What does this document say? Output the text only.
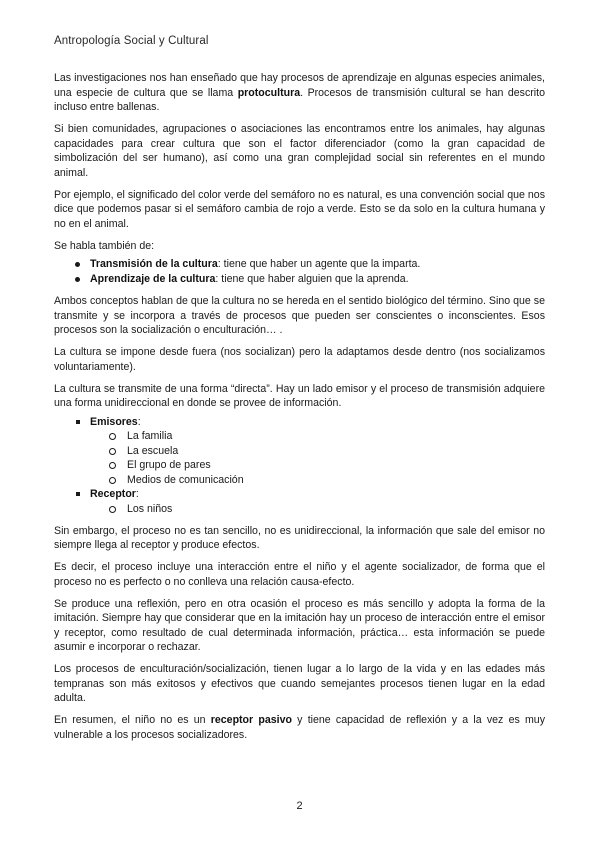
Antropología Social y Cultural

Las investigaciones nos han enseñado que hay procesos de aprendizaje en algunas especies animales, una especie de cultura que se llama protocultura. Procesos de transmisión cultural se han descrito incluso entre ballenas.

Si bien comunidades, agrupaciones o asociaciones las encontramos entre los animales, hay algunas capacidades para crear cultura que son el factor diferenciador (como la gran capacidad de simbolización del ser humano), así como una gran complejidad social sin referentes en el mundo animal.

Por ejemplo, el significado del color verde del semáforo no es natural, es una convención social que nos dice que podemos pasar si el semáforo cambia de rojo a verde. Esto se da solo en la cultura humana y no en el animal.

Se habla también de:

Transmisión de la cultura: tiene que haber un agente que la imparta.
Aprendizaje de la cultura: tiene que haber alguien que la aprenda.

Ambos conceptos hablan de que la cultura no se hereda en el sentido biológico del término. Sino que se transmite y se incorpora a través de procesos que pueden ser conscientes o inconscientes. Esos procesos son la socialización o enculturación… .

La cultura se impone desde fuera (nos socializan) pero la adaptamos desde dentro (nos socializamos voluntariamente).

La cultura se transmite de una forma “directa”. Hay un lado emisor y el proceso de transmisión adquiere una forma unidireccional en donde se provee de información.

Emisores:
La familia
La escuela
El grupo de pares
Medios de comunicación
Receptor:
Los niños

Sin embargo, el proceso no es tan sencillo, no es unidireccional, la información que sale del emisor no siempre llega al receptor y produce efectos.

Es decir, el proceso incluye una interacción entre el niño y el agente socializador, de forma que el proceso no es perfecto o no conlleva una relación causa-efecto.

Se produce una reflexión, pero en otra ocasión el proceso es más sencillo y adopta la forma de la imitación. Siempre hay que considerar que en la imitación hay un proceso de interacción entre el emisor y receptor, como resultado de cual determinada información, práctica… esta información se puede asumir e incorporar o rechazar.

Los procesos de enculturación/socialización, tienen lugar a lo largo de la vida y en las edades más tempranas son más exitosos y efectivos que cuando semejantes procesos tienen lugar en la edad adulta.

En resumen, el niño no es un receptor pasivo y tiene capacidad de reflexión y a la vez es muy vulnerable a los procesos socializadores.

2
